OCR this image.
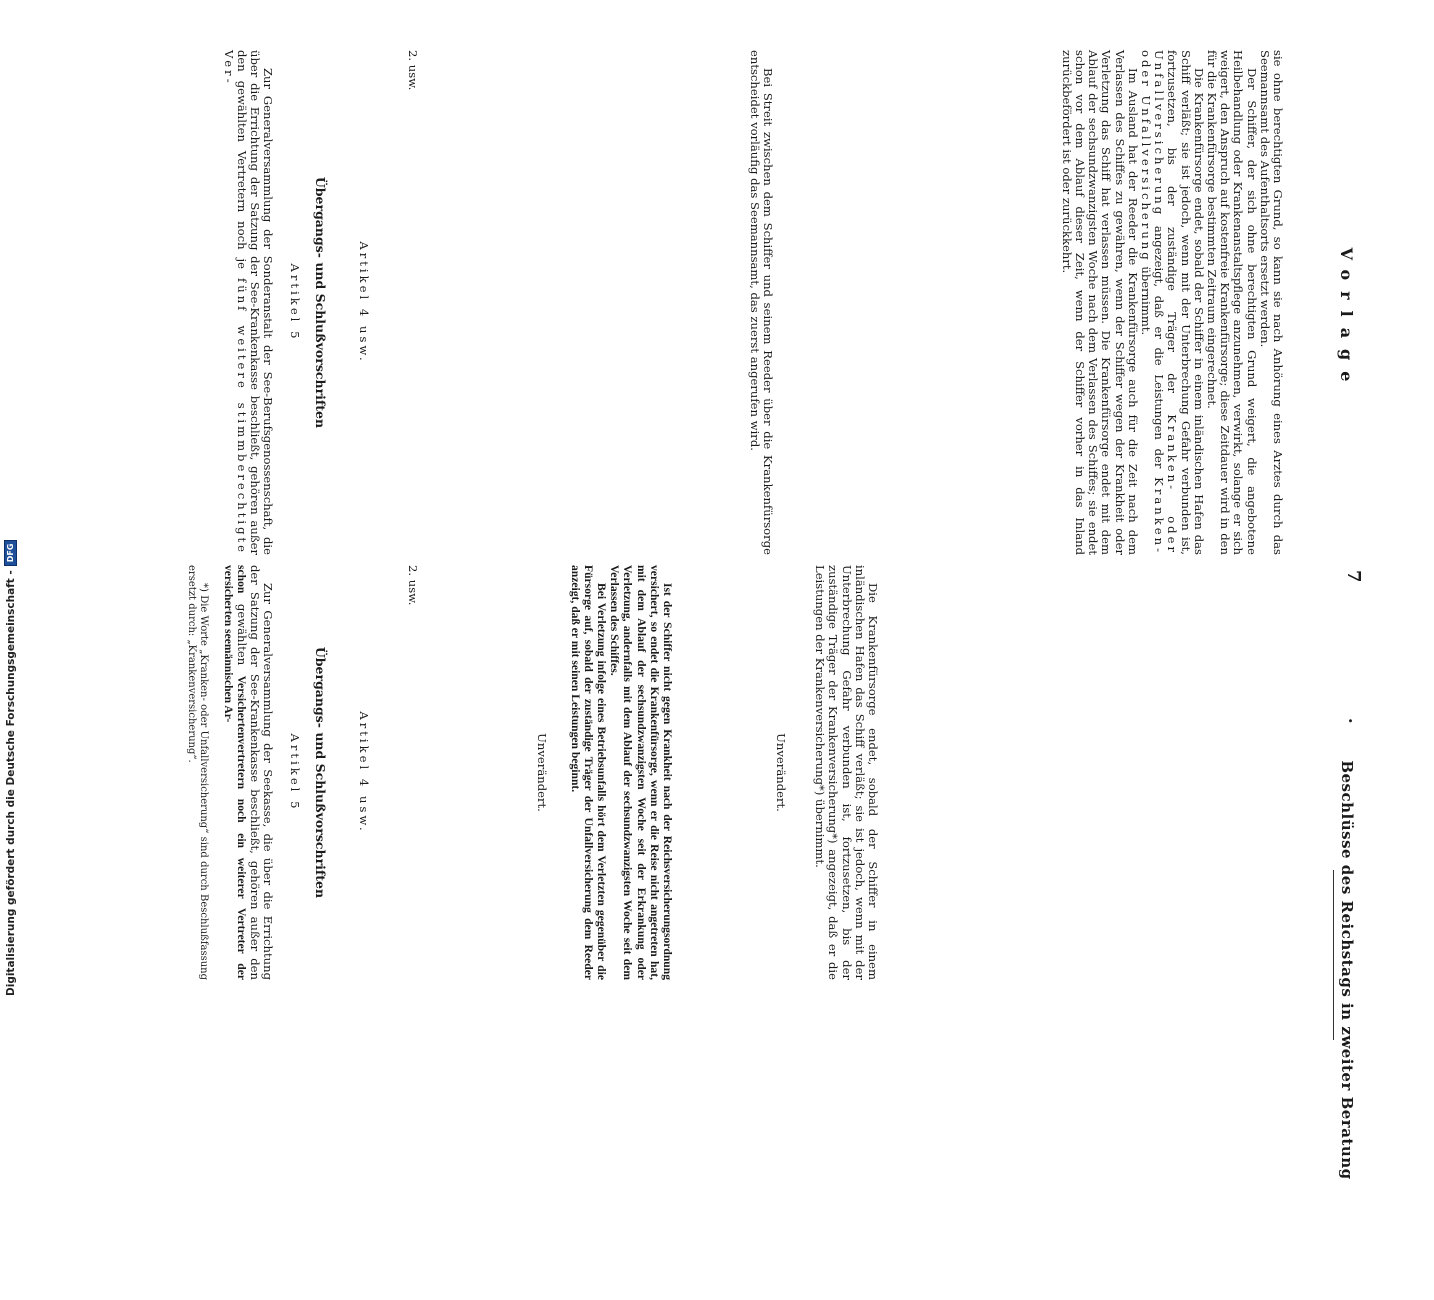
Vorlage
7
.
Beschlüsse des Reichstags in zweiter Beratung

sie ohne berechtigten Grund, so kann sie nach Anhörung eines Arztes durch das Seemannsamt des Aufenthaltsorts ersetzt werden.

Der Schiffer, der sich ohne berechtigten Grund weigert, die angebotene Heilbehandlung oder Krankenanstaltspflege anzunehmen, verwirkt, solange er sich weigert, den Anspruch auf kostenfreie Krankenfürsorge; diese Zeitdauer wird in den für die Krankenfürsorge bestimmten Zeitraum eingerechnet.

Die Krankenfürsorge endet, sobald der Schiffer in einem inländischen Hafen das Schiff verläßt; sie ist jedoch, wenn mit der Unterbrechung Gefahr verbunden ist, fortzusetzen, bis der zuständige Träger der Kranken- oder Unfallversicherung angezeigt, daß er die Leistungen der Kranken- oder Unfallversicherung übernimmt.

Im Ausland hat der Reeder die Krankenfürsorge auch für die Zeit nach dem Verlassen des Schiffes zu gewähren, wenn der Schiffer wegen der Krankheit oder Verletzung das Schiff hat verlassen müssen. Die Krankenfürsorge endet mit dem Ablauf der sechsundzwanzigsten Woche nach dem Verlassen des Schiffes; sie endet schon vor dem Ablauf dieser Zeit, wenn der Schiffer vorher in das Inland zurückbefördert ist oder zurückkehrt.

Bei Streit zwischen dem Schiffer und seinem Reeder über die Krankenfürsorge entscheidet vorläufig das Seemannsamt, das zuerst angerufen wird.

2. usw.

Artikel 4 usw.

Übergangs- und Schlußvorschriften

Artikel 5

Zur Generalversammlung der Sonderanstalt der See-Berufsgenossenschaft, die über die Errichtung der Satzung der See-Krankenkasse beschließt, gehören außer den gewählten Vertretern noch je fünf weitere stimmberechtigte Ver-

Die Krankenfürsorge endet, sobald der Schiffer in einem inländischen Hafen das Schiff verläßt; sie ist jedoch, wenn mit der Unterbrechung Gefahr verbunden ist, fortzusetzen, bis der zuständige Träger der Krankenversicherung*) angezeigt, daß er die Leistungen der Krankenversicherung*) übernimmt.

Unverändert.

Ist der Schiffer nicht gegen Krankheit nach der Reichsversicherungsordnung versichert, so endet die Krankenfürsorge, wenn er die Reise nicht angetreten hat, mit dem Ablauf der sechsundzwanzigsten Woche seit der Erkrankung oder Verletzung, andernfalls mit dem Ablauf der sechsundzwanzigsten Woche seit dem Verlassen des Schiffes.

Bei Verletzung infolge eines Betriebsunfalls hört dem Verletzten gegenüber die Fürsorge auf, sobald der zuständige Träger der Unfallversicherung dem Reeder anzeigt, daß er mit seinen Leistungen beginnt.

Unverändert.

2. usw.

Artikel 4 usw.

Übergangs- und Schlußvorschriften

Artikel 5

Zur Generalversammlung der Seekasse, die über die Errichtung der Satzung der See-Krankenkasse beschließt, gehören außer den schon gewählten Versichertenvertretern noch ein weiterer Vertreter der versicherten seemännischen Ar-

*) Die Worte „Kranken- oder Unfallversicherung“ sind durch Beschlußfassung ersetzt durch: „Krankenversicherung“.

Digitalisierung gefördert durch die Deutsche Forschungsgemeinschaft -
DFG
